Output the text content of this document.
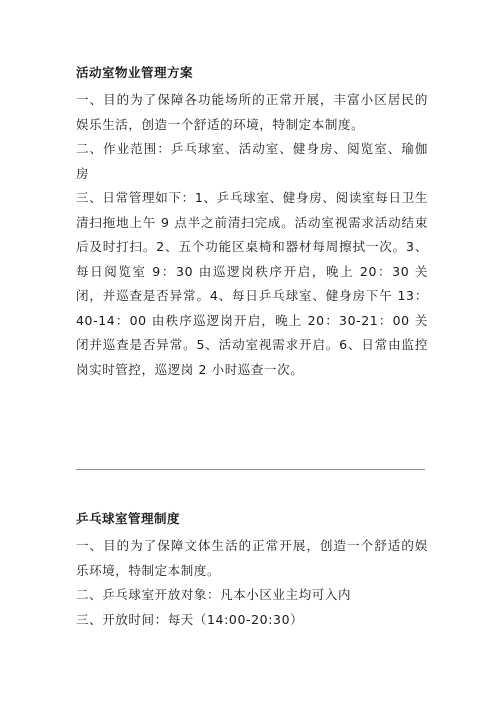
活动室物业管理方案

一、目的为了保障各功能场所的正常开展，丰富小区居民的娱乐生活，创造一个舒适的环境，特制定本制度。

二、作业范围：乒乓球室、活动室、健身房、阅览室、瑜伽房

三、日常管理如下：1、乒乓球室、健身房、阅读室每日卫生清扫拖地上午 9 点半之前清扫完成。活动室视需求活动结束后及时打扫。2、五个功能区桌椅和器材每周擦拭一次。3、每日阅览室 9：30 由巡逻岗秩序开启，晚上 20：30 关闭，并巡查是否异常。4、每日乒乓球室、健身房下午 13：40-14：00 由秩序巡逻岗开启，晚上 20：30-21：00 关闭并巡查是否异常。5、活动室视需求开启。6、日常由监控岗实时管控，巡逻岗 2 小时巡查一次。

乒乓球室管理制度

一、目的为了保障文体生活的正常开展，创造一个舒适的娱乐环境，特制定本制度。

二、乒乓球室开放对象：凡本小区业主均可入内

三、开放时间：每天（14:00-20:30）
